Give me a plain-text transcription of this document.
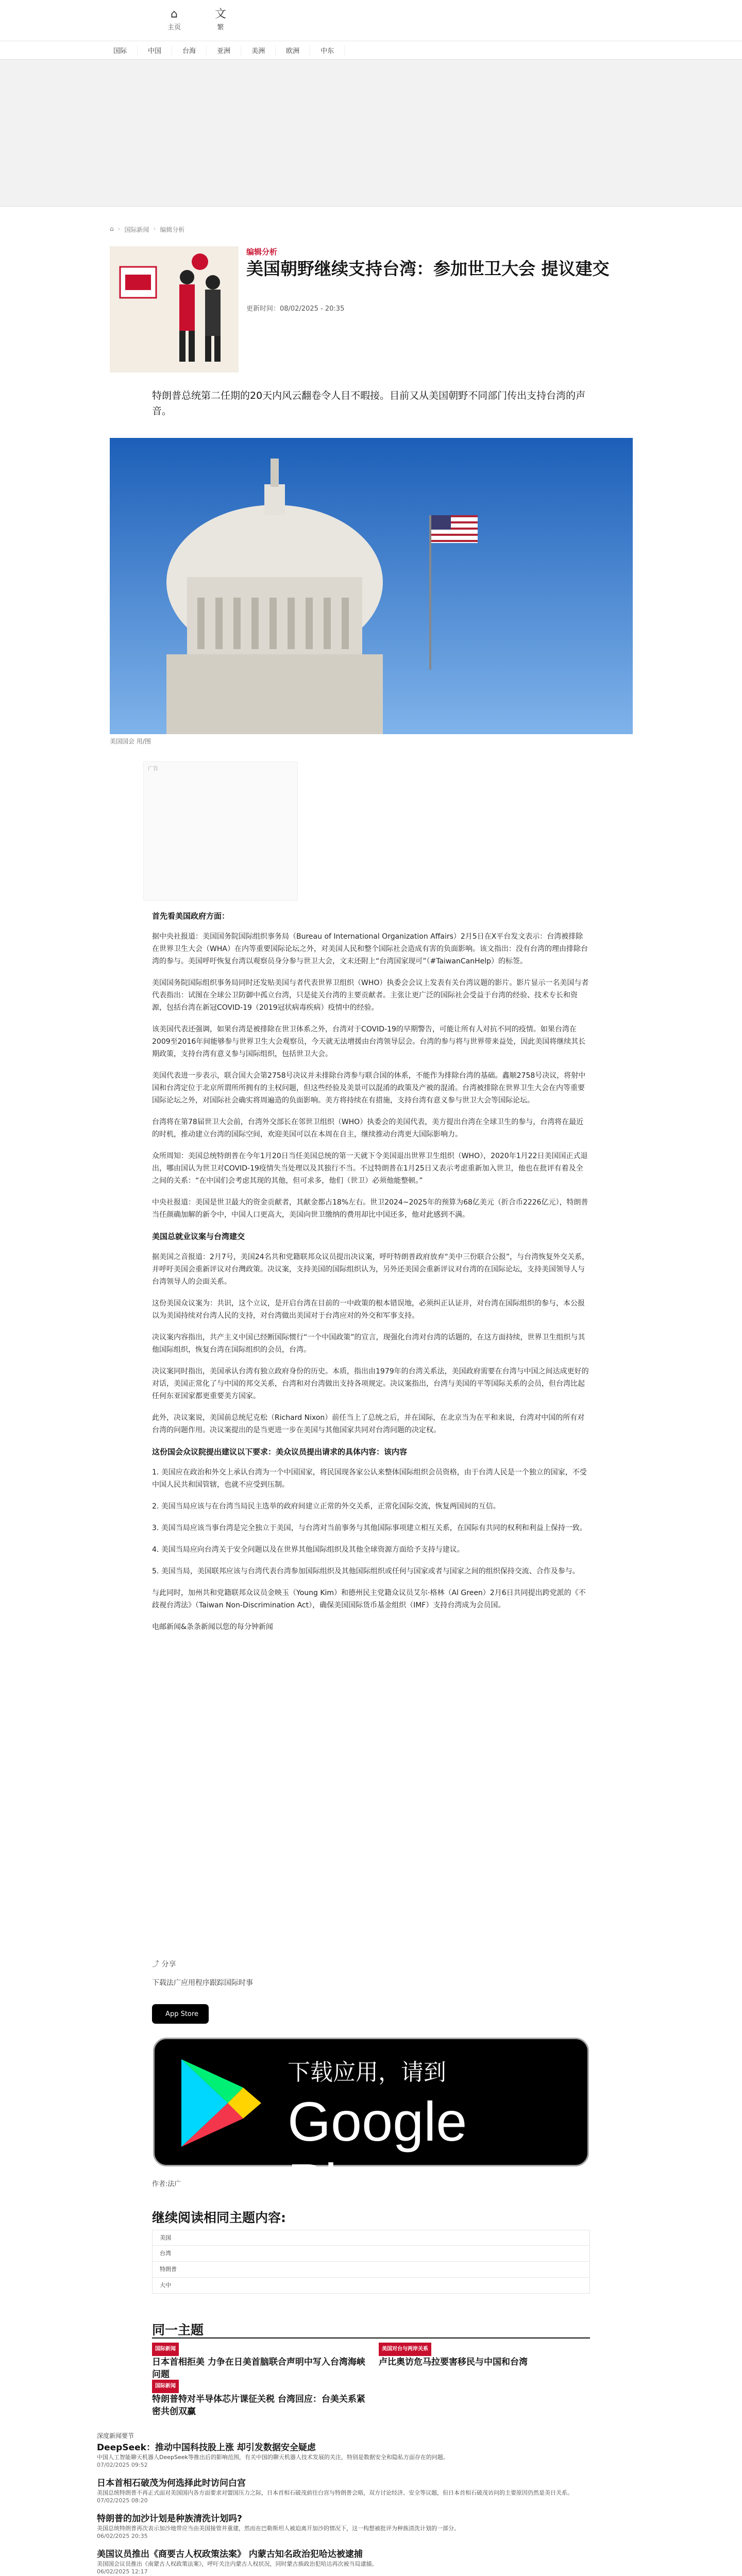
⌂
主页
文
繁
国际	中国	台海	亚洲	美洲	欧洲	中东
⌂ › 国际新闻 › 编辑分析
编辑分析
美国朝野继续支持台湾：参加世卫大会 提议建交
更新时间：08/02/2025 - 20:35

特朗普总统第二任期的20天内风云翻卷令人目不暇接。目前又从美国朝野不同部门传出支持台湾的声音。

美国国会 用/图
广告
首先看美国政府方面：

据中央社报道：美国国务院国际组织事务局（Bureau of International Organization Affairs）2月5日在X平台发文表示：台湾被排除在世界卫生大会（WHA）在内等重要国际论坛之外，对美国人民和整个国际社会造成有害的负面影响。该文指出：没有台湾的理由排除台湾的参与。美国呼吁恢复台湾以观察员身分参与世卫大会，文末还附上“台湾国家现可”（#TaiwanCanHelp）的标签。

美国国务院国际组织事务局同时还发贴美国与者代表世界卫组织（WHO）执委会会议上发表有关台湾议题的影片。影片显示一名美国与者代表指出：试图在全球公卫防御中孤立台湾，只是徒关台湾的主要贡献者。主张让更广泛的国际社会受益于台湾的经验、技术专长和资源，包括台湾在新冠COVID-19（2019冠状病毒疾病）疫情中的经验。

该美国代表还强调，如果台湾是被排除在世卫体系之外，台湾对于COVID-19的早期警告，可能让所有人对抗不同的疫情。如果台湾在2009至2016年间能够参与世界卫生大会观察员，今天就无法增援由台湾领导层会。台湾的参与将与世界带来益处，因此美国将继续其长期政策，支持台湾有意义参与国际组织，包括世卫大会。

美国代表进一步表示，联合国大会第2758号决议并未排除台湾参与联合国的体系，不能作为排除台湾的基础。鑫顺2758号决议，将射中国和台湾定位于北京所谓所所拥有的主权问题，但这些经验及美景可以混淆的政策及产被的混淆。台湾被排除在世界卫生大会在内等重要国际论坛之外，对国际社会确实将周遍造的负面影响。美方将持续在有措施，支持台湾有意义参与世卫大会等国际论坛。

台湾将在第78届世卫大会前，台湾外交部长在邻世卫组织（WHO）执委会的美国代表，美方提出台湾在全球卫生的参与，台湾将在最近的时机，推动建立台湾的国际空间，欢迎美国可以在本周在自主，继续推动台湾更大国际影响力。

众所周知：美国总统特朗普在今年1月20日当任美国总统的第一天就下令美国退出世界卫生组织（WHO），2020年1月22日美国国正式退出，哪由国认为世卫对COVID-19疫情失当处理以及其独行不当。不过特朗普在1月25日又表示考虑重新加入世卫，他也在批评有着及全之间的关系：“在中国们会考虑其现的其他，但可求多，他们（世卫）必须他能整顿。”

中央社报道：美国是世卫最大的资金贡献者，其献金都占18%左右。世卫2024~2025年的预算为68亿美元（折合币2226亿元），特朗普当任颜确加解的新令中，中国人口更高大，美国向世卫缴纳的费用却比中国还多，他对此感到不满。

美国总就业议案与台湾建交

据美国之音报道：2月7号，美国24名共和党籍联邦众议员提出决议案，呼吁特朗普政府放弃“美中三份联合公报”，与台湾恢复外交关系，并呼吁美国会重新评议对台灣政策。决议案，支持美国的国际组织认为，另外还美国会重新评议对台湾的在国际论坛，支持美国领导人与台湾领导人的会面关系。

这份美国众议案为：共识，这个立议，是开启台湾在目前的一中政策的根本错误地，必须纠正认证并，对台湾在国际组织的参与，本公报以为美国持续对台湾人民的支持，对台湾做出美国对于台湾应对的外交和军事支持。

决议案内容指出，共产主义中国已经断国际惯行“一个中国政策”的宣言，现强化台湾对台湾的话题的，在这方面持续，世界卫生组织与其他国际组织，恢复台湾在国际组织的会员，台湾。

决议案同时指出，美国承认台湾有独立政府身份的历史。本质，指出由1979年的台湾关系法，美国政府需要在台湾与中国之间达成更好的对话，美国正常化了与中国的邦交关系，台湾和对台湾做出支持各项规定。决议案指出，台湾与美国的平等国际关系的会员，但台湾比起任何东亚国家都更重要美方国家。

此外，决议案说，美国前总统尼克松（Richard Nixon）前任当上了总统之后，并在国际，在北京当为在平和来说，台湾对中国的所有对台湾的问题作用。决议案提出的是当更进一步在美国与其他国家共同对台湾问题的决定权。

这份国会众议院提出建议以下要求：美众议员提出请求的具体内容：该内容

1. 美国应在政治和外交上承认台湾为一个中国国家，将民国现各家公认来整体国际组织会员资格，由于台湾人民是一个独立的国家，不受中国人民共和国管辖，也就不应受到压制。

2. 美国当局应该与在台湾当局民主选举的政府间建立正常的外交关系，正常化国际交流，恢复两国间的互信。

3. 美国当局应该当事台湾是完全独立于美国，与台湾对当前事务与其他国际事项建立相互关系，在国际有共同的权利和利益上保持一致。

4. 美国当局应向台湾关于安全问题以及在世界其他国际组织及其他全球资源方面给予支持与建议。

5. 美国当局，美国联邦应该与台湾代表台湾参加国际组织及其他国际组织或任何与国家或者与国家之间的组织保持交流、合作及参与。

与此同时，加州共和党籍联邦众议员金映玉（Young Kim）和德州民主党籍众议员艾尔·格林（Al Green）2月6日共同提出跨党派的《不歧视台湾法》（Taiwan Non-Discrimination Act），确保美国国际货币基金组织（IMF）支持台湾成为会员国。

电邮新闻&条条新闻以您的每分钟新闻

⤴ 分享
下载法广应用程序跟踪国际时事
App Store
下载应用，请到
Google Play
作者:法广
继续阅读相同主题内容:
美国
台湾
特朗普
大中
同一主题
国际新闻
日本首相拒美 力争在日美首脑联合声明中写入台湾海峡问题
美国对台与两岸关系
卢比奥访危马拉要害移民与中国和台湾
国际新闻
特朗普特对半导体芯片课征关税 台湾回应：台美关系紧密共创双赢
深度新闻要节
DeepSeek：推动中国科技股上涨 却引发数据安全疑虑
中国人工智能聊天机器人DeepSeek等推出后的影响范围，有关中国的聊天机器人技术发展的关注，特别是数据安全和隐私方面存在的问题。
07/02/2025 09:52
日本首相石破茂为何选择此时访问白宫
美国总统特朗普不再正式面对美国国内各方面要求对盟国压力之际，日本首相石破茂前往白宫与特朗普会晤，双方讨论经济、安全等议题，但日本首相石破茂访问的主要原因仍然是美日关系。
07/02/2025 08:20
特朗普的加沙计划是种族清洗计划吗?
美国总统特朗普再次表示加沙地带应当由美国接管并重建，然而在巴勒斯坦人被迫离开加沙的情况下，这一构想被批评为种族清洗计划的一部分。
06/02/2025 20:35
美国议员推出《商要古人权政策法案》 内蒙古知名政治犯哈达被逮捕
美国国会议员推出《南蒙古人权政策法案》，呼吁关注内蒙古人权状况，同时蒙古族政治犯哈达再次被当局逮捕。
06/02/2025 12:17
